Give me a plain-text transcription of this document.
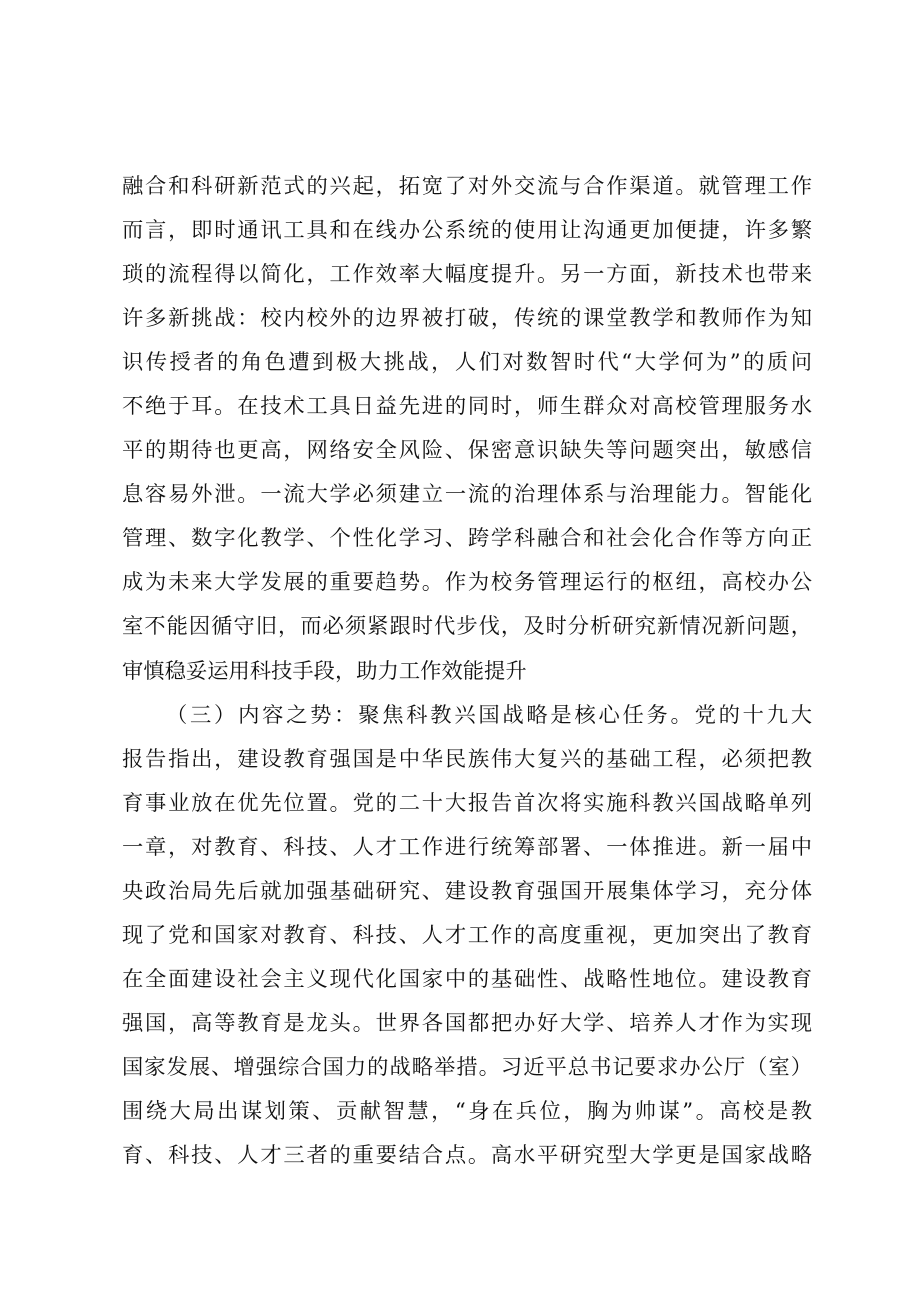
融合和科研新范式的兴起，拓宽了对外交流与合作渠道。就管理工作
而言，即时通讯工具和在线办公系统的使用让沟通更加便捷，许多繁
琐的流程得以简化，工作效率大幅度提升。另一方面，新技术也带来
许多新挑战：校内校外的边界被打破，传统的课堂教学和教师作为知
识传授者的角色遭到极大挑战，人们对数智时代“大学何为”的质问
不绝于耳。在技术工具日益先进的同时，师生群众对高校管理服务水
平的期待也更高，网络安全风险、保密意识缺失等问题突出，敏感信
息容易外泄。一流大学必须建立一流的治理体系与治理能力。智能化
管理、数字化教学、个性化学习、跨学科融合和社会化合作等方向正
成为未来大学发展的重要趋势。作为校务管理运行的枢纽，高校办公
室不能因循守旧，而必须紧跟时代步伐，及时分析研究新情况新问题，
审慎稳妥运用科技手段，助力工作效能提升
（三）内容之势：聚焦科教兴国战略是核心任务。党的十九大
报告指出，建设教育强国是中华民族伟大复兴的基础工程，必须把教
育事业放在优先位置。党的二十大报告首次将实施科教兴国战略单列
一章，对教育、科技、人才工作进行统筹部署、一体推进。新一届中
央政治局先后就加强基础研究、建设教育强国开展集体学习，充分体
现了党和国家对教育、科技、人才工作的高度重视，更加突出了教育
在全面建设社会主义现代化国家中的基础性、战略性地位。建设教育
强国，高等教育是龙头。世界各国都把办好大学、培养人才作为实现
国家发展、增强综合国力的战略举措。习近平总书记要求办公厅（室）
围绕大局出谋划策、贡献智慧，“身在兵位，胸为帅谋”。高校是教
育、科技、人才三者的重要结合点。高水平研究型大学更是国家战略
